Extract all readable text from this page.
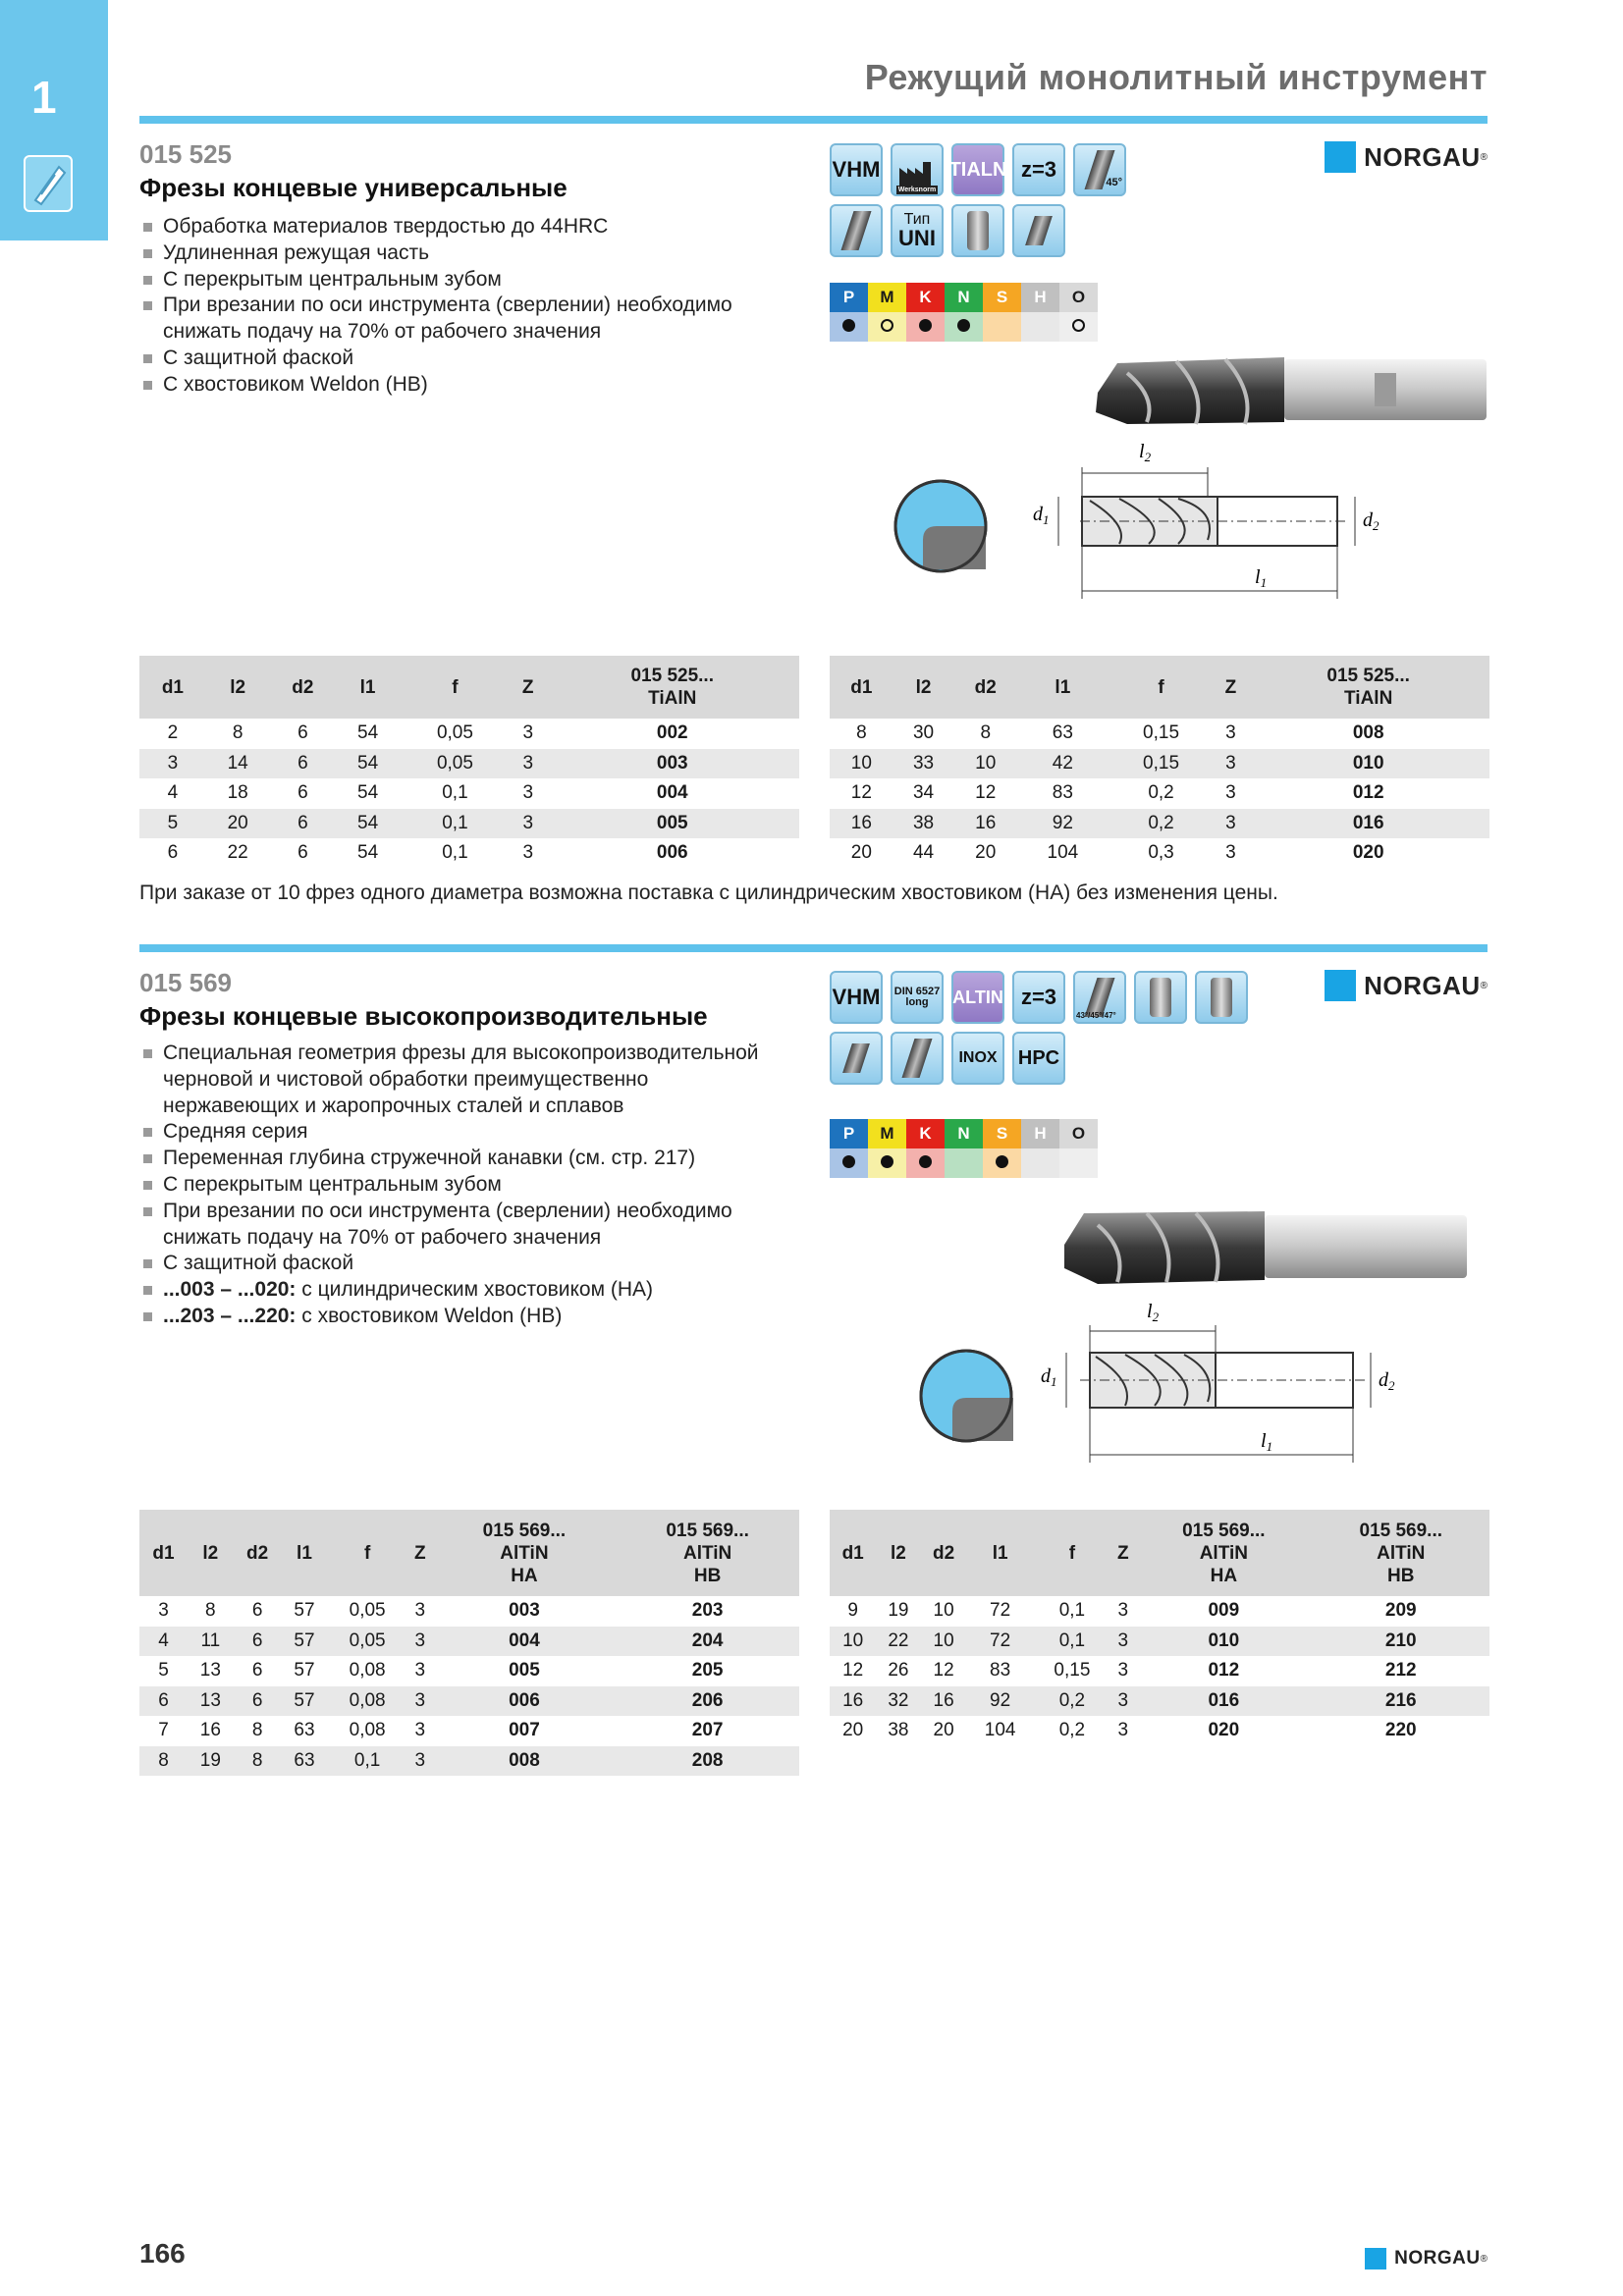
1	Режущий монолитный инструмент
015 525
Фрезы концевые универсальные
Обработка материалов твердостью до 44HRC
Удлиненная режущая часть
С перекрытым центральным зубом
При врезании по оси инструмента (сверлении) необходимо снижать подачу на 70% от рабочего значения
С защитной фаской
С хвостовиком Weldon (HB)
VHM
Werksnorm
TIALN z=3
45°
Тип
UNI
P	M	K	N	S	H	O

NORGAU ®
$l_2$
$d_1$	$d_2$
$l_1$
d1	l2	d2	l1	f	Z	015 525...
TiAlN
2	8	6	54	0,05	3	002
3	14	6	54	0,05	3	003
4	18	6	54	0,1	3	004
5	20	6	54	0,1	3	005
6	22	6	54	0,1	3	006
d1	l2	d2	l1	f	Z	015 525...
TiAlN
8	30	8	63	0,15	3	008
10	33	10	42	0,15	3	010
12	34	12	83	0,2	3	012
16	38	16	92	0,2	3	016
20	44	20	104	0,3	3	020
При заказе от 10 фрез одного диаметра возможна поставка с цилиндрическим хвостовиком (HA) без изменения цены.
015 569
Фрезы концевые высокопроизводительные
Специальная геометрия фрезы для высокопроизводительной черновой и чистовой обработки преимущественно нержавеющих и жаропрочных сталей и сплавов
Средняя серия
Переменная глубина стружечной канавки (см. стр. 217)
С перекрытым центральным зубом
При врезании по оси инструмента (сверлении) необходимо снижать подачу на 70% от рабочего значения
С защитной фаской
...003 – ...020: с цилиндрическим хвостовиком (HA)
...203 – ...220: с хвостовиком Weldon (HB)
VHM DIN 6527
long ALTIN z=3
43°/45°/47°
INOX	HPC
P	M	K	N	S	H	O

NORGAU ®
$l_2$
$d_1$	$d_2$
$l_1$
d1	l2	d2	l1	f	Z	015 569...
AlTiN
HA	015 569...
AlTiN
HB
3	8	6	57	0,05	3	003	203
4	11	6	57	0,05	3	004	204
5	13	6	57	0,08	3	005	205
6	13	6	57	0,08	3	006	206
7	16	8	63	0,08	3	007	207
8	19	8	63	0,1	3	008	208
d1	l2	d2	l1	f	Z	015 569...
AlTiN
HA	015 569...
AlTiN
HB
9	19	10	72	0,1	3	009	209
10	22	10	72	0,1	3	010	210
12	26	12	83	0,15	3	012	212
16	32	16	92	0,2	3	016	216
20	38	20	104	0,2	3	020	220
166	NORGAU ®
